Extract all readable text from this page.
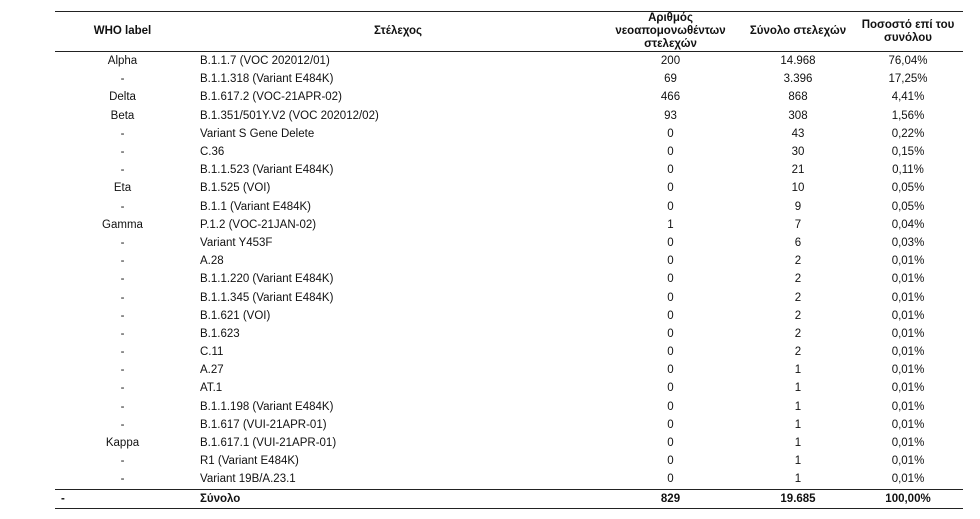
WHO label	Στέλεχος	Αριθμός νεοαπομονωθέντων στελεχών	Σύνολο στελεχών	Ποσοστό επί του συνόλου
Alpha	B.1.1.7 (VOC 202012/01)	200	14.968	76,04%
-	B.1.1.318 (Variant E484K)	69	3.396	17,25%
Delta	B.1.617.2 (VOC-21APR-02)	466	868	4,41%
Beta	B.1.351/501Y.V2 (VOC 202012/02)	93	308	1,56%
-	Variant S Gene Delete	0	43	0,22%
-	C.36	0	30	0,15%
-	B.1.1.523 (Variant E484K)	0	21	0,11%
Eta	B.1.525 (VOI)	0	10	0,05%
-	B.1.1 (Variant E484K)	0	9	0,05%
Gamma	P.1.2 (VOC-21JAN-02)	1	7	0,04%
-	Variant Y453F	0	6	0,03%
-	A.28	0	2	0,01%
-	B.1.1.220 (Variant E484K)	0	2	0,01%
-	B.1.1.345 (Variant E484K)	0	2	0,01%
-	B.1.621 (VOI)	0	2	0,01%
-	B.1.623	0	2	0,01%
-	C.11	0	2	0,01%
-	A.27	0	1	0,01%
-	AT.1	0	1	0,01%
-	B.1.1.198 (Variant E484K)	0	1	0,01%
-	B.1.617 (VUI-21APR-01)	0	1	0,01%
Kappa	B.1.617.1 (VUI-21APR-01)	0	1	0,01%
-	R1 (Variant E484K)	0	1	0,01%
-	Variant 19B/A.23.1	0	1	0,01%
-	Σύνολο	829	19.685	100,00%
